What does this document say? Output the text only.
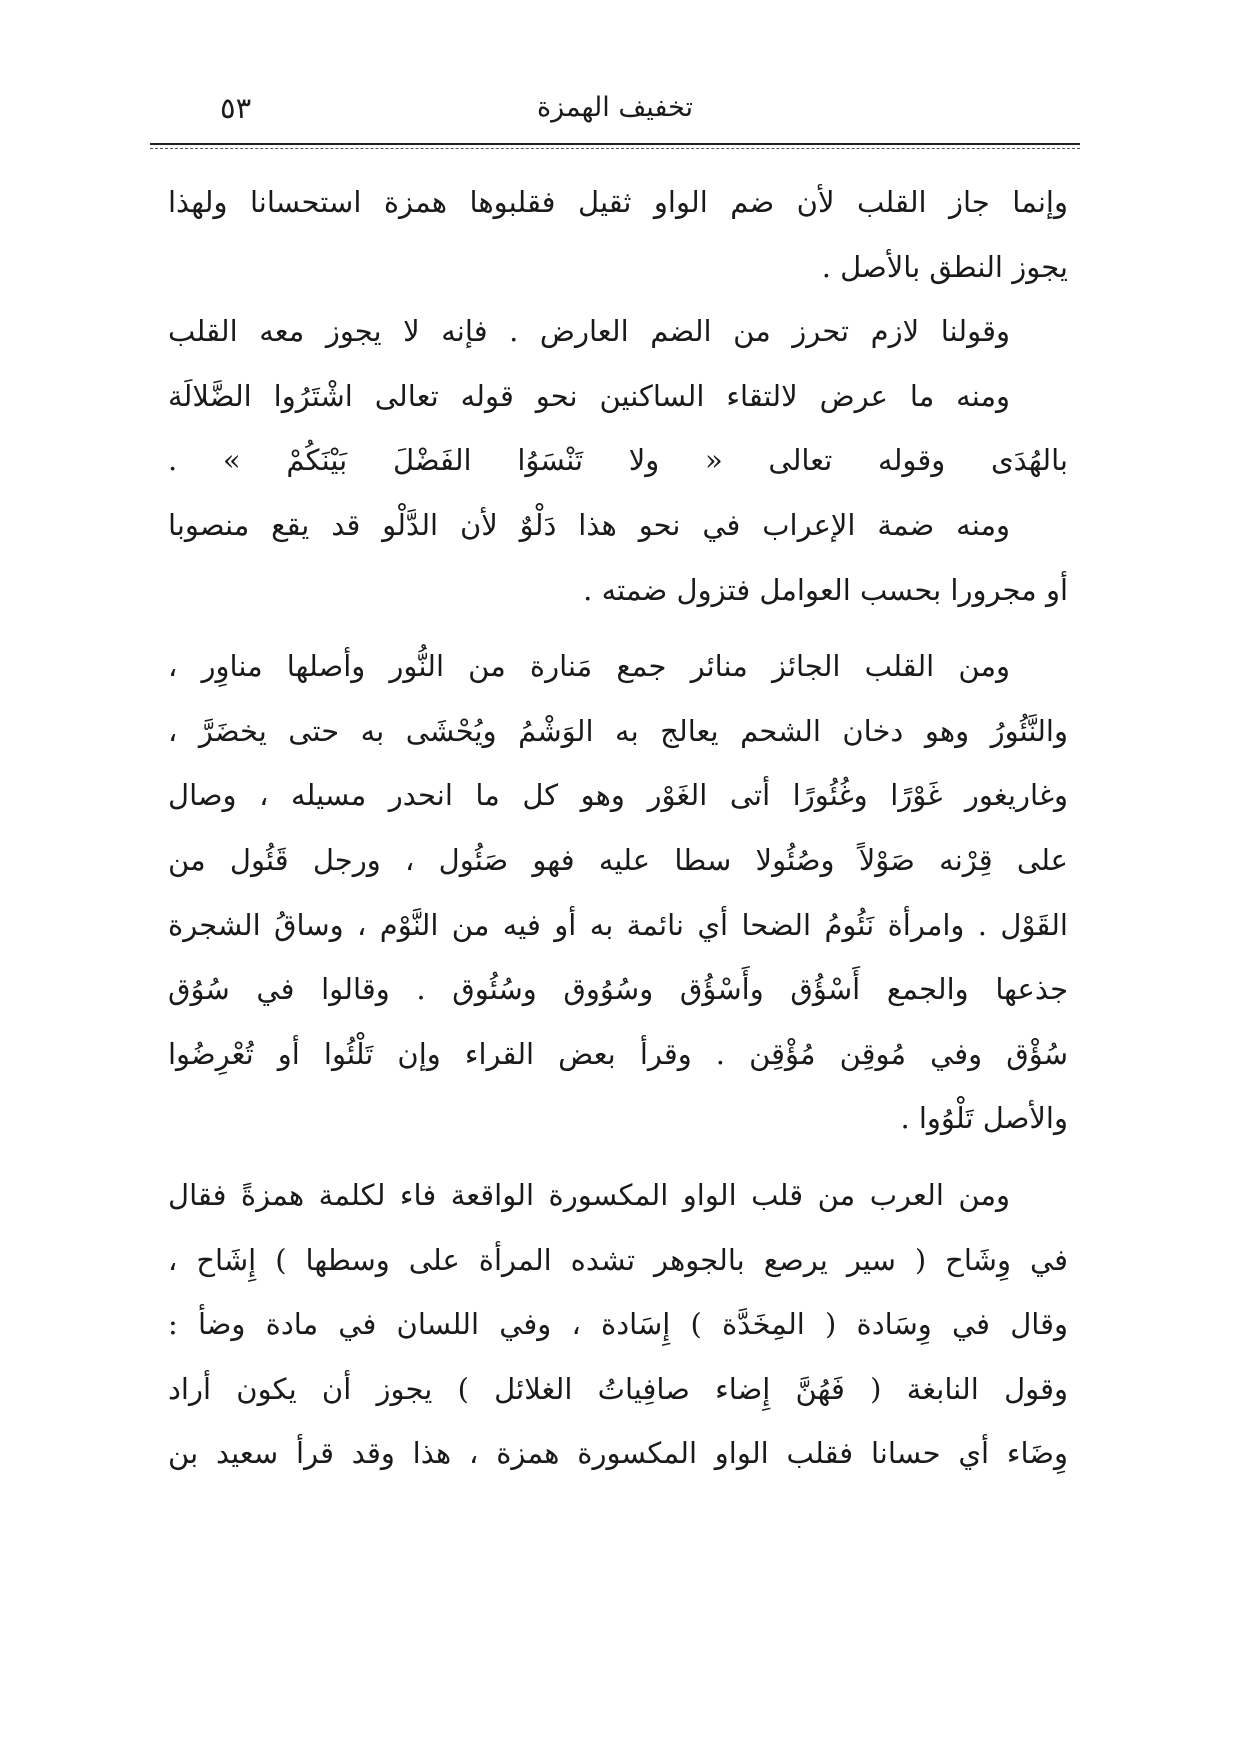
تخفيف الهمزة
٥٣
وإنما جاز القلب لأن ضم الواو ثقيل فقلبوها همزة استحسانا ولهذا
يجوز النطق بالأصل .
وقولنا لازم تحرز من الضم العارض . فإنه لا يجوز معه القلب
ومنه ما عرض لالتقاء الساكنين نحو قوله تعالى اشْتَرُوا الضَّلالَة
بالهُدَى وقوله تعالى « ولا تَنْسَوُا الفَضْلَ بَيْنَكُمْ » .
ومنه ضمة الإعراب في نحو هذا دَلْوٌ لأن الدَّلْو قد يقع منصوبا
أو مجرورا بحسب العوامل فتزول ضمته .
ومن القلب الجائز منائر جمع مَنارة من النُّور وأصلها مناوِر ،
والنَّئُورُ وهو دخان الشحم يعالج به الوَشْمُ ويُحْشَى به حتى يخضَرَّ ،
وغاريغور غَوْرًا وغُئُورًا أتى الغَوْر وهو كل ما انحدر مسيله ، وصال
على قِرْنه صَوْلاً وصُئُولا سطا عليه فهو صَئُول ، ورجل قَئُول من
القَوْل . وامرأة نَئُومُ الضحا أي نائمة به أو فيه من النَّوْم ، وساقُ الشجرة
جذعها والجمع أَسْؤُق وأَسْؤُق وسُوُوق وسُئُوق . وقالوا في سُوُق
سُؤْق وفي مُوقِن مُؤْقِن . وقرأ بعض القراء وإن تَلْئُوا أو تُعْرِضُوا
والأصل تَلْوُوا .
ومن العرب من قلب الواو المكسورة الواقعة فاء لكلمة همزةً فقال
في وِشَاح ( سير يرصع بالجوهر تشده المرأة على وسطها ) إِشَاح ،
وقال في وِسَادة ( المِخَدَّة ) إِسَادة ، وفي اللسان في مادة وضأ :
وقول النابغة ( فَهُنَّ إِضاء صافِياتُ الغلائل ) يجوز أن يكون أراد
وِضَاء أي حسانا فقلب الواو المكسورة همزة ، هذا وقد قرأ سعيد بن
